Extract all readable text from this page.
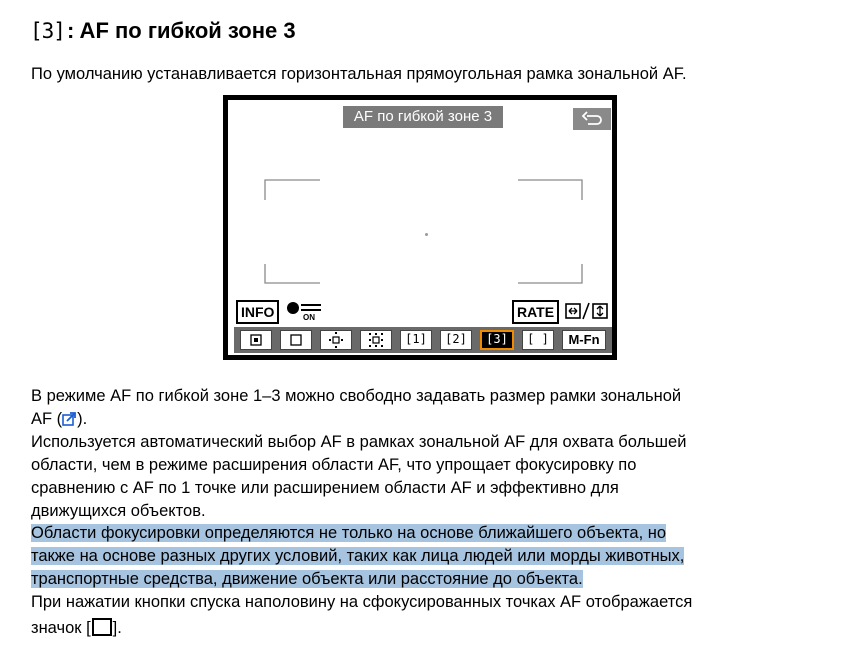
[3] : AF по гибкой зоне 3
По умолчанию устанавливается горизонтальная прямоугольная рамка зональной AF.
AF по гибкой зоне 3
INFO	ON	RATE
[1]	[2]	[3]	[ ]	M-Fn
В режиме AF по гибкой зоне 1–3 можно свободно задавать размер рамки зональной
AF ( ).
Используется автоматический выбор AF в рамках зональной AF для охвата большей
области, чем в режиме расширения области AF, что упрощает фокусировку по
сравнению с AF по 1 точке или расширением области AF и эффективно для
движущихся объектов.
Области фокусировки определяются не только на основе ближайшего объекта, но
также на основе разных других условий, таких как лица людей или морды животных,
транспортные средства, движение объекта или расстояние до объекта.
При нажатии кнопки спуска наполовину на сфокусированных точках AF отображается
значок [ ].
